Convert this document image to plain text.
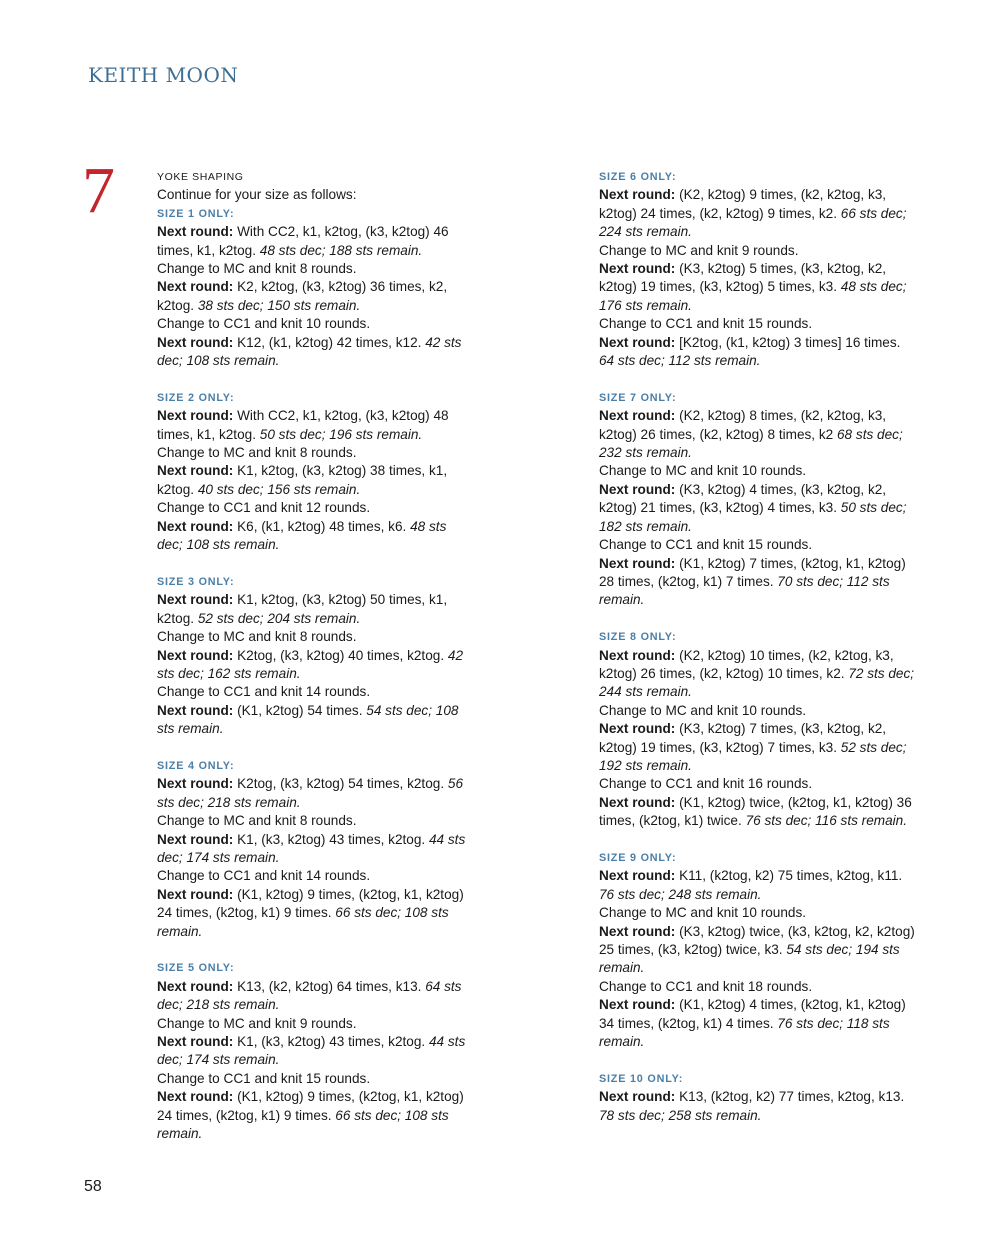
KEITH MOON
7	YOKE SHAPING
Continue for your size as follows:
SIZE 1 ONLY:
Next round: With CC2, k1, k2tog, (k3, k2tog) 46 times, k1, k2tog. 48 sts dec; 188 sts remain.
Change to MC and knit 8 rounds.
Next round: K2, k2tog, (k3, k2tog) 36 times, k2, k2tog. 38 sts dec; 150 sts remain.
Change to CC1 and knit 10 rounds.
Next round: K12, (k1, k2tog) 42 times, k12. 42 sts dec; 108 sts remain.
SIZE 2 ONLY:
Next round: With CC2, k1, k2tog, (k3, k2tog) 48 times, k1, k2tog. 50 sts dec; 196 sts remain.
Change to MC and knit 8 rounds.
Next round: K1, k2tog, (k3, k2tog) 38 times, k1, k2tog. 40 sts dec; 156 sts remain.
Change to CC1 and knit 12 rounds.
Next round: K6, (k1, k2tog) 48 times, k6. 48 sts dec; 108 sts remain.
SIZE 3 ONLY:
Next round: K1, k2tog, (k3, k2tog) 50 times, k1, k2tog. 52 sts dec; 204 sts remain.
Change to MC and knit 8 rounds.
Next round: K2tog, (k3, k2tog) 40 times, k2tog. 42 sts dec; 162 sts remain.
Change to CC1 and knit 14 rounds.
Next round: (K1, k2tog) 54 times. 54 sts dec; 108 sts remain.
SIZE 4 ONLY:
Next round: K2tog, (k3, k2tog) 54 times, k2tog. 56 sts dec; 218 sts remain.
Change to MC and knit 8 rounds.
Next round: K1, (k3, k2tog) 43 times, k2tog. 44 sts dec; 174 sts remain.
Change to CC1 and knit 14 rounds.
Next round: (K1, k2tog) 9 times, (k2tog, k1, k2tog) 24 times, (k2tog, k1) 9 times. 66 sts dec; 108 sts remain.
SIZE 5 ONLY:
Next round: K13, (k2, k2tog) 64 times, k13. 64 sts dec; 218 sts remain.
Change to MC and knit 9 rounds.
Next round: K1, (k3, k2tog) 43 times, k2tog. 44 sts dec; 174 sts remain.
Change to CC1 and knit 15 rounds.
Next round: (K1, k2tog) 9 times, (k2tog, k1, k2tog) 24 times, (k2tog, k1) 9 times. 66 sts dec; 108 sts remain.
SIZE 6 ONLY:
Next round: (K2, k2tog) 9 times, (k2, k2tog, k3, k2tog) 24 times, (k2, k2tog) 9 times, k2. 66 sts dec; 224 sts remain.
Change to MC and knit 9 rounds.
Next round: (K3, k2tog) 5 times, (k3, k2tog, k2, k2tog) 19 times, (k3, k2tog) 5 times, k3. 48 sts dec; 176 sts remain.
Change to CC1 and knit 15 rounds.
Next round: [K2tog, (k1, k2tog) 3 times] 16 times. 64 sts dec; 112 sts remain.
SIZE 7 ONLY:
Next round: (K2, k2tog) 8 times, (k2, k2tog, k3, k2tog) 26 times, (k2, k2tog) 8 times, k2 68 sts dec; 232 sts remain.
Change to MC and knit 10 rounds.
Next round: (K3, k2tog) 4 times, (k3, k2tog, k2, k2tog) 21 times, (k3, k2tog) 4 times, k3. 50 sts dec; 182 sts remain.
Change to CC1 and knit 15 rounds.
Next round: (K1, k2tog) 7 times, (k2tog, k1, k2tog) 28 times, (k2tog, k1) 7 times. 70 sts dec; 112 sts remain.
SIZE 8 ONLY:
Next round: (K2, k2tog) 10 times, (k2, k2tog, k3, k2tog) 26 times, (k2, k2tog) 10 times, k2. 72 sts dec; 244 sts remain.
Change to MC and knit 10 rounds.
Next round: (K3, k2tog) 7 times, (k3, k2tog, k2, k2tog) 19 times, (k3, k2tog) 7 times, k3. 52 sts dec; 192 sts remain.
Change to CC1 and knit 16 rounds.
Next round: (K1, k2tog) twice, (k2tog, k1, k2tog) 36 times, (k2tog, k1) twice. 76 sts dec; 116 sts remain.
SIZE 9 ONLY:
Next round: K11, (k2tog, k2) 75 times, k2tog, k11. 76 sts dec; 248 sts remain.
Change to MC and knit 10 rounds.
Next round: (K3, k2tog) twice, (k3, k2tog, k2, k2tog) 25 times, (k3, k2tog) twice, k3. 54 sts dec; 194 sts remain.
Change to CC1 and knit 18 rounds.
Next round: (K1, k2tog) 4 times, (k2tog, k1, k2tog) 34 times, (k2tog, k1) 4 times. 76 sts dec; 118 sts remain.
SIZE 10 ONLY:
Next round: K13, (k2tog, k2) 77 times, k2tog, k13. 78 sts dec; 258 sts remain.
58
